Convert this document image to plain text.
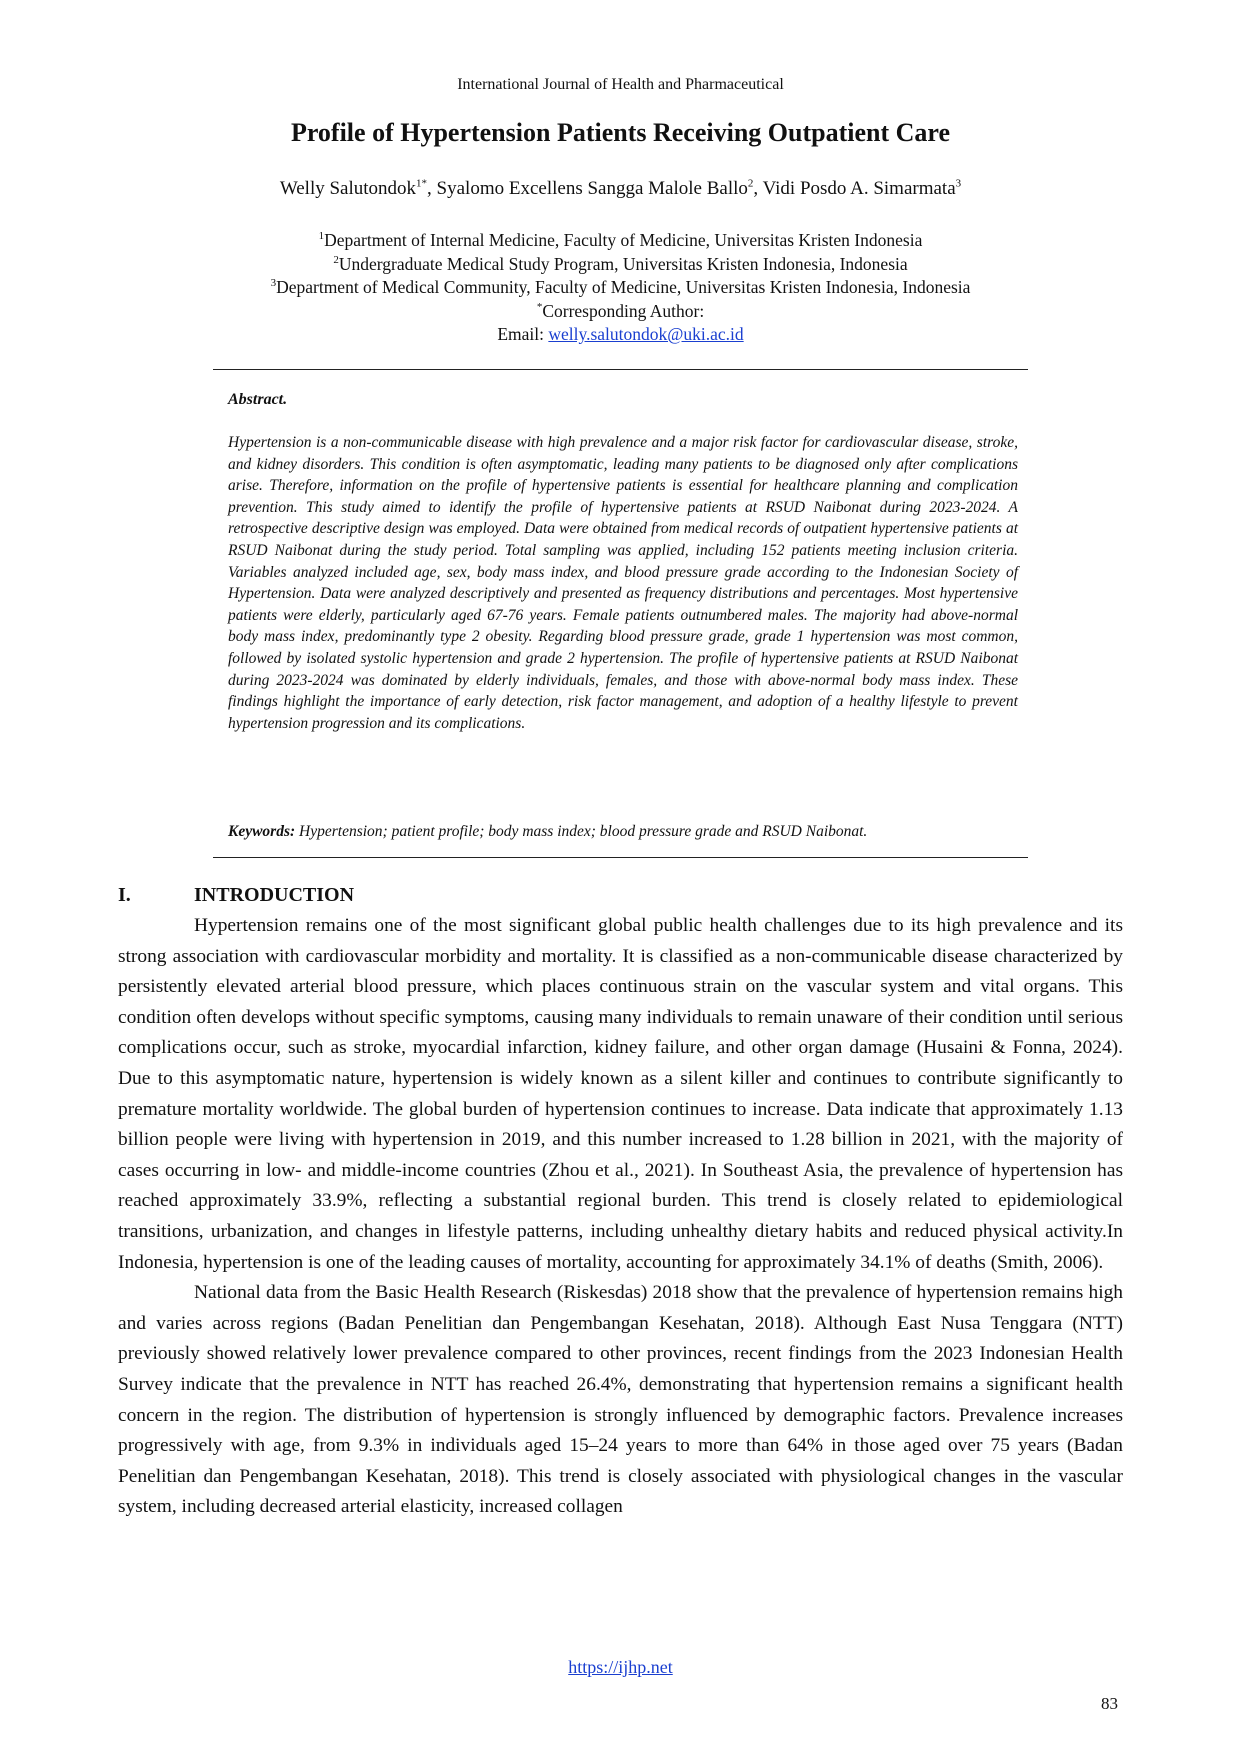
International Journal of Health and Pharmaceutical
Profile of Hypertension Patients Receiving Outpatient Care
Welly Salutondok$^{1*}$, Syalomo Excellens Sangga Malole Ballo$^2$, Vidi Posdo A. Simarmata$^3$
$^1$Department of Internal Medicine, Faculty of Medicine, Universitas Kristen Indonesia
$^2$Undergraduate Medical Study Program, Universitas Kristen Indonesia, Indonesia
$^3$Department of Medical Community, Faculty of Medicine, Universitas Kristen Indonesia, Indonesia
*Corresponding Author:
Email: welly.salutondok@uki.ac.id
Abstract.
Hypertension is a non-communicable disease with high prevalence and a major risk factor for cardiovascular disease, stroke, and kidney disorders. This condition is often asymptomatic, leading many patients to be diagnosed only after complications arise. Therefore, information on the profile of hypertensive patients is essential for healthcare planning and complication prevention. This study aimed to identify the profile of hypertensive patients at RSUD Naibonat during 2023-2024. A retrospective descriptive design was employed. Data were obtained from medical records of outpatient hypertensive patients at RSUD Naibonat during the study period. Total sampling was applied, including 152 patients meeting inclusion criteria. Variables analyzed included age, sex, body mass index, and blood pressure grade according to the Indonesian Society of Hypertension. Data were analyzed descriptively and presented as frequency distributions and percentages. Most hypertensive patients were elderly, particularly aged 67-76 years. Female patients outnumbered males. The majority had above-normal body mass index, predominantly type 2 obesity. Regarding blood pressure grade, grade 1 hypertension was most common, followed by isolated systolic hypertension and grade 2 hypertension. The profile of hypertensive patients at RSUD Naibonat during 2023-2024 was dominated by elderly individuals, females, and those with above-normal body mass index. These findings highlight the importance of early detection, risk factor management, and adoption of a healthy lifestyle to prevent hypertension progression and its complications.
Keywords: Hypertension; patient profile; body mass index; blood pressure grade and RSUD Naibonat.
I.	INTRODUCTION

Hypertension remains one of the most significant global public health challenges due to its high prevalence and its strong association with cardiovascular morbidity and mortality. It is classified as a non-communicable disease characterized by persistently elevated arterial blood pressure, which places continuous strain on the vascular system and vital organs. This condition often develops without specific symptoms, causing many individuals to remain unaware of their condition until serious complications occur, such as stroke, myocardial infarction, kidney failure, and other organ damage (Husaini & Fonna, 2024). Due to this asymptomatic nature, hypertension is widely known as a silent killer and continues to contribute significantly to premature mortality worldwide. The global burden of hypertension continues to increase. Data indicate that approximately 1.13 billion people were living with hypertension in 2019, and this number increased to 1.28 billion in 2021, with the majority of cases occurring in low- and middle-income countries (Zhou et al., 2021). In Southeast Asia, the prevalence of hypertension has reached approximately 33.9%, reflecting a substantial regional burden. This trend is closely related to epidemiological transitions, urbanization, and changes in lifestyle patterns, including unhealthy dietary habits and reduced physical activity.In Indonesia, hypertension is one of the leading causes of mortality, accounting for approximately 34.1% of deaths (Smith, 2006).

National data from the Basic Health Research (Riskesdas) 2018 show that the prevalence of hypertension remains high and varies across regions (Badan Penelitian dan Pengembangan Kesehatan, 2018). Although East Nusa Tenggara (NTT) previously showed relatively lower prevalence compared to other provinces, recent findings from the 2023 Indonesian Health Survey indicate that the prevalence in NTT has reached 26.4%, demonstrating that hypertension remains a significant health concern in the region. The distribution of hypertension is strongly influenced by demographic factors. Prevalence increases progressively with age, from 9.3% in individuals aged 15–24 years to more than 64% in those aged over 75 years (Badan Penelitian dan Pengembangan Kesehatan, 2018). This trend is closely associated with physiological changes in the vascular system, including decreased arterial elasticity, increased collagen

https://ijhp.net
83
